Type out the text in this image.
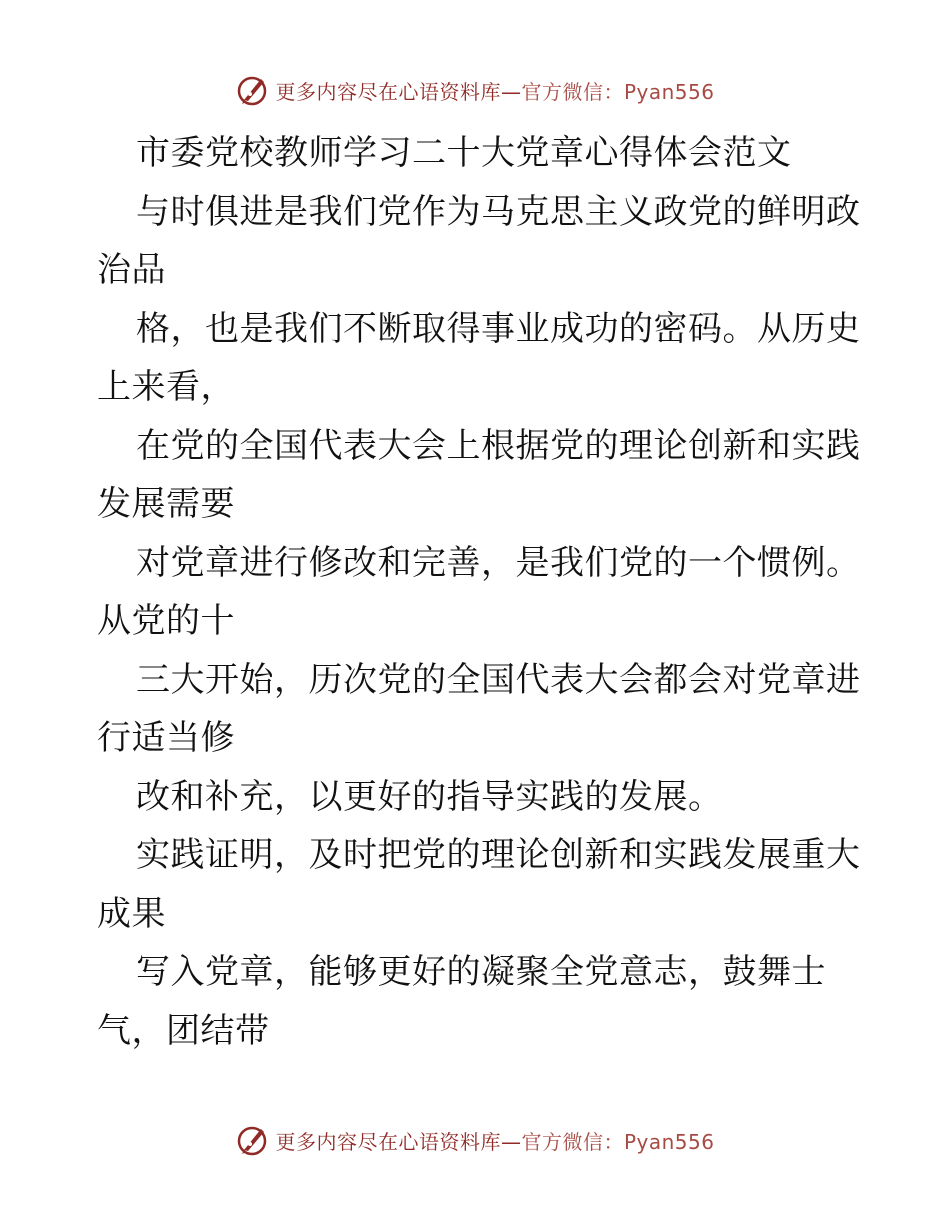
更多内容尽在心语资料库—官方微信：Pyan556
市委党校教师学习二十大党章心得体会范文
与时俱进是我们党作为马克思主义政党的鲜明政
治品
格，也是我们不断取得事业成功的密码。从历史
上来看，
在党的全国代表大会上根据党的理论创新和实践
发展需要
对党章进行修改和完善，是我们党的一个惯例。
从党的十
三大开始，历次党的全国代表大会都会对党章进
行适当修
改和补充，以更好的指导实践的发展。
实践证明，及时把党的理论创新和实践发展重大
成果
写入党章，能够更好的凝聚全党意志，鼓舞士
气，团结带
更多内容尽在心语资料库—官方微信：Pyan556
